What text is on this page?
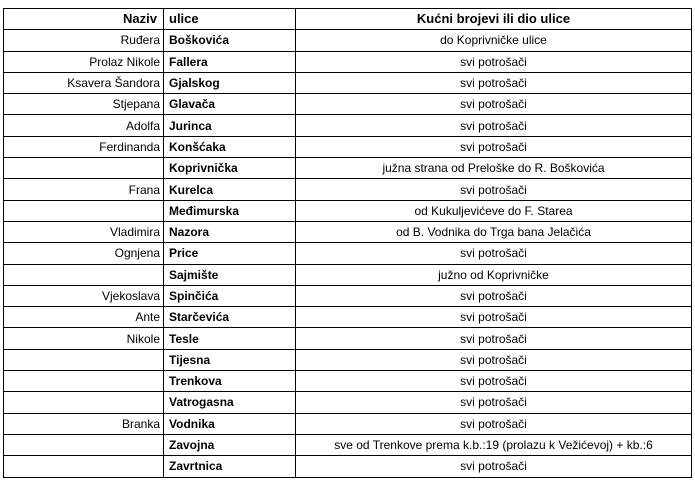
Naziv	ulice	Kućni brojevi ili dio ulice
Ruđera	Boškovića	do Koprivničke ulice
Prolaz Nikole	Fallera	svi potrošači
Ksavera Šandora	Gjalskog	svi potrošači
Stjepana	Glavača	svi potrošači
Adolfa	Jurinca	svi potrošači
Ferdinanda	Konšćaka	svi potrošači
	Koprivnička	južna strana od Preloške do R. Boškovića
Frana	Kurelca	svi potrošači
	Međimurska	od Kukuljevićeve do F. Starea
Vladimira	Nazora	od B. Vodnika do Trga bana Jelačića
Ognjena	Price	svi potrošači
	Sajmište	južno od Koprivničke
Vjekoslava	Spinčića	svi potrošači
Ante	Starčevića	svi potrošači
Nikole	Tesle	svi potrošači
	Tijesna	svi potrošači
	Trenkova	svi potrošači
	Vatrogasna	svi potrošači
Branka	Vodnika	svi potrošači
	Zavojna	sve od Trenkove prema k.b.:19 (prolazu k Vežićevoj) + kb.:6
	Zavrtnica	svi potrošači
